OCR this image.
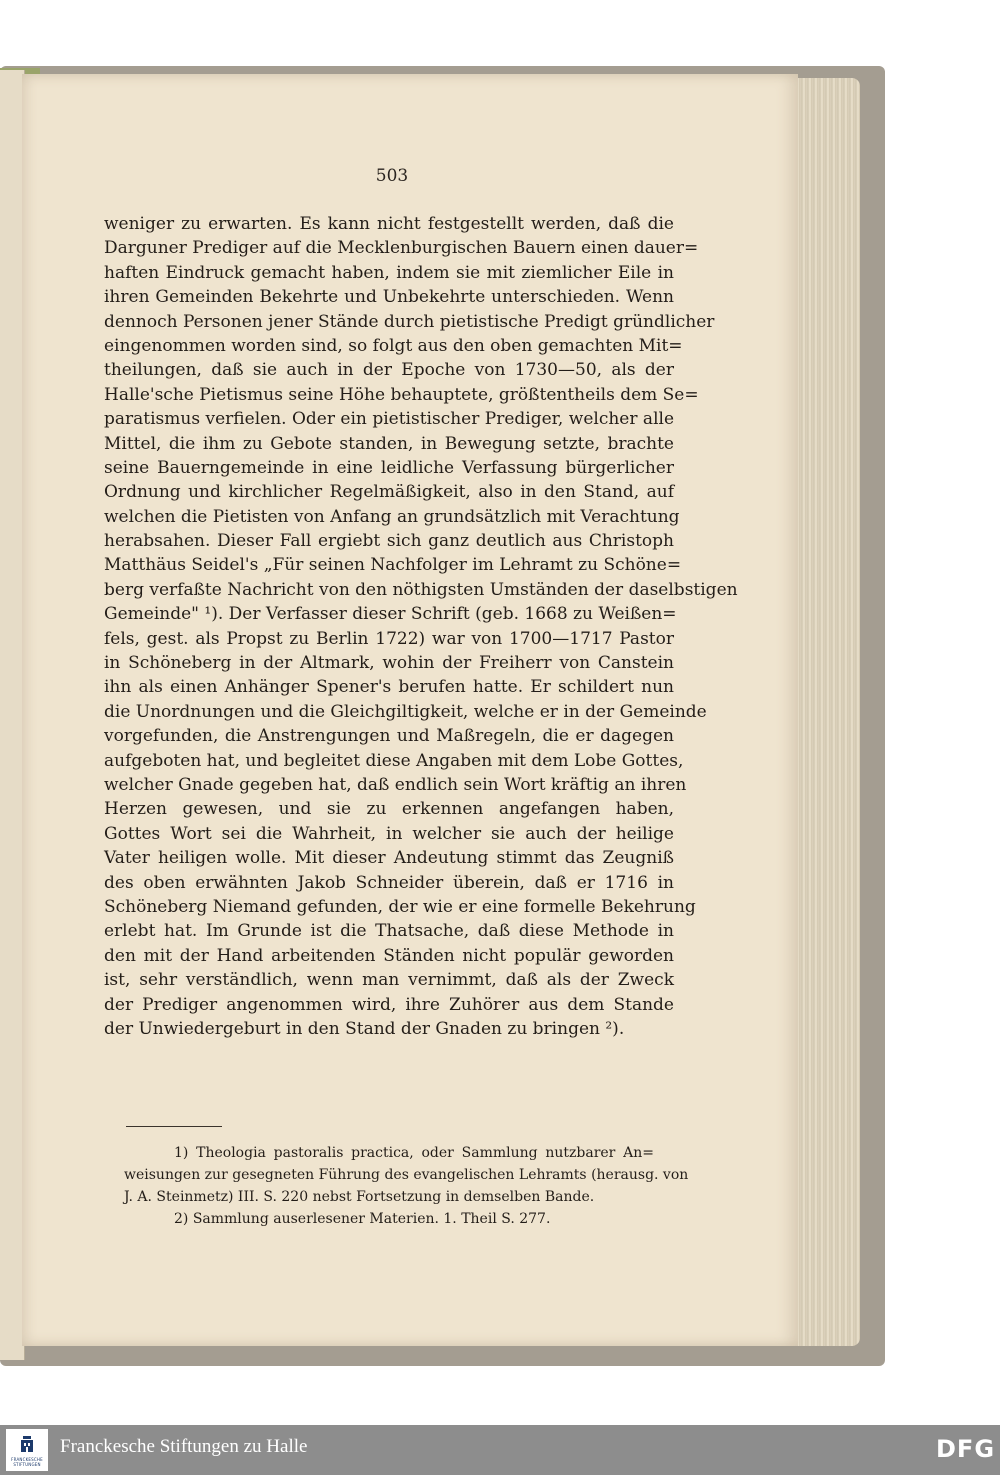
503
weniger zu erwarten. Es kann nicht festgestellt werden, daß die
Darguner Prediger auf die Mecklenburgischen Bauern einen dauer=
haften Eindruck gemacht haben, indem sie mit ziemlicher Eile in
ihren Gemeinden Bekehrte und Unbekehrte unterschieden. Wenn
dennoch Personen jener Stände durch pietistische Predigt gründlicher
eingenommen worden sind, so folgt aus den oben gemachten Mit=
theilungen, daß sie auch in der Epoche von 1730—50, als der
Halle'sche Pietismus seine Höhe behauptete, größtentheils dem Se=
paratismus verfielen. Oder ein pietistischer Prediger, welcher alle
Mittel, die ihm zu Gebote standen, in Bewegung setzte, brachte
seine Bauerngemeinde in eine leidliche Verfassung bürgerlicher
Ordnung und kirchlicher Regelmäßigkeit, also in den Stand, auf
welchen die Pietisten von Anfang an grundsätzlich mit Verachtung
herabsahen. Dieser Fall ergiebt sich ganz deutlich aus Christoph
Matthäus Seidel's „Für seinen Nachfolger im Lehramt zu Schöne=
berg verfaßte Nachricht von den nöthigsten Umständen der daselbstigen
Gemeinde" ¹). Der Verfasser dieser Schrift (geb. 1668 zu Weißen=
fels, gest. als Propst zu Berlin 1722) war von 1700—1717 Pastor
in Schöneberg in der Altmark, wohin der Freiherr von Canstein
ihn als einen Anhänger Spener's berufen hatte. Er schildert nun
die Unordnungen und die Gleichgiltigkeit, welche er in der Gemeinde
vorgefunden, die Anstrengungen und Maßregeln, die er dagegen
aufgeboten hat, und begleitet diese Angaben mit dem Lobe Gottes,
welcher Gnade gegeben hat, daß endlich sein Wort kräftig an ihren
Herzen gewesen, und sie zu erkennen angefangen haben,
Gottes Wort sei die Wahrheit, in welcher sie auch der heilige
Vater heiligen wolle. Mit dieser Andeutung stimmt das Zeugniß
des oben erwähnten Jakob Schneider überein, daß er 1716 in
Schöneberg Niemand gefunden, der wie er eine formelle Bekehrung
erlebt hat. Im Grunde ist die Thatsache, daß diese Methode in
den mit der Hand arbeitenden Ständen nicht populär geworden
ist, sehr verständlich, wenn man vernimmt, daß als der Zweck
der Prediger angenommen wird, ihre Zuhörer aus dem Stande
der Unwiedergeburt in den Stand der Gnaden zu bringen ²).
1) Theologia pastoralis practica, oder Sammlung nutzbarer An=
weisungen zur gesegneten Führung des evangelischen Lehramts (herausg. von
J. A. Steinmetz) III. S. 220 nebst Fortsetzung in demselben Bande.
2) Sammlung auserlesener Materien. 1. Theil S. 277.
FRANCKESCHE STIFTUNGEN
Franckesche Stiftungen zu Halle	DFG
